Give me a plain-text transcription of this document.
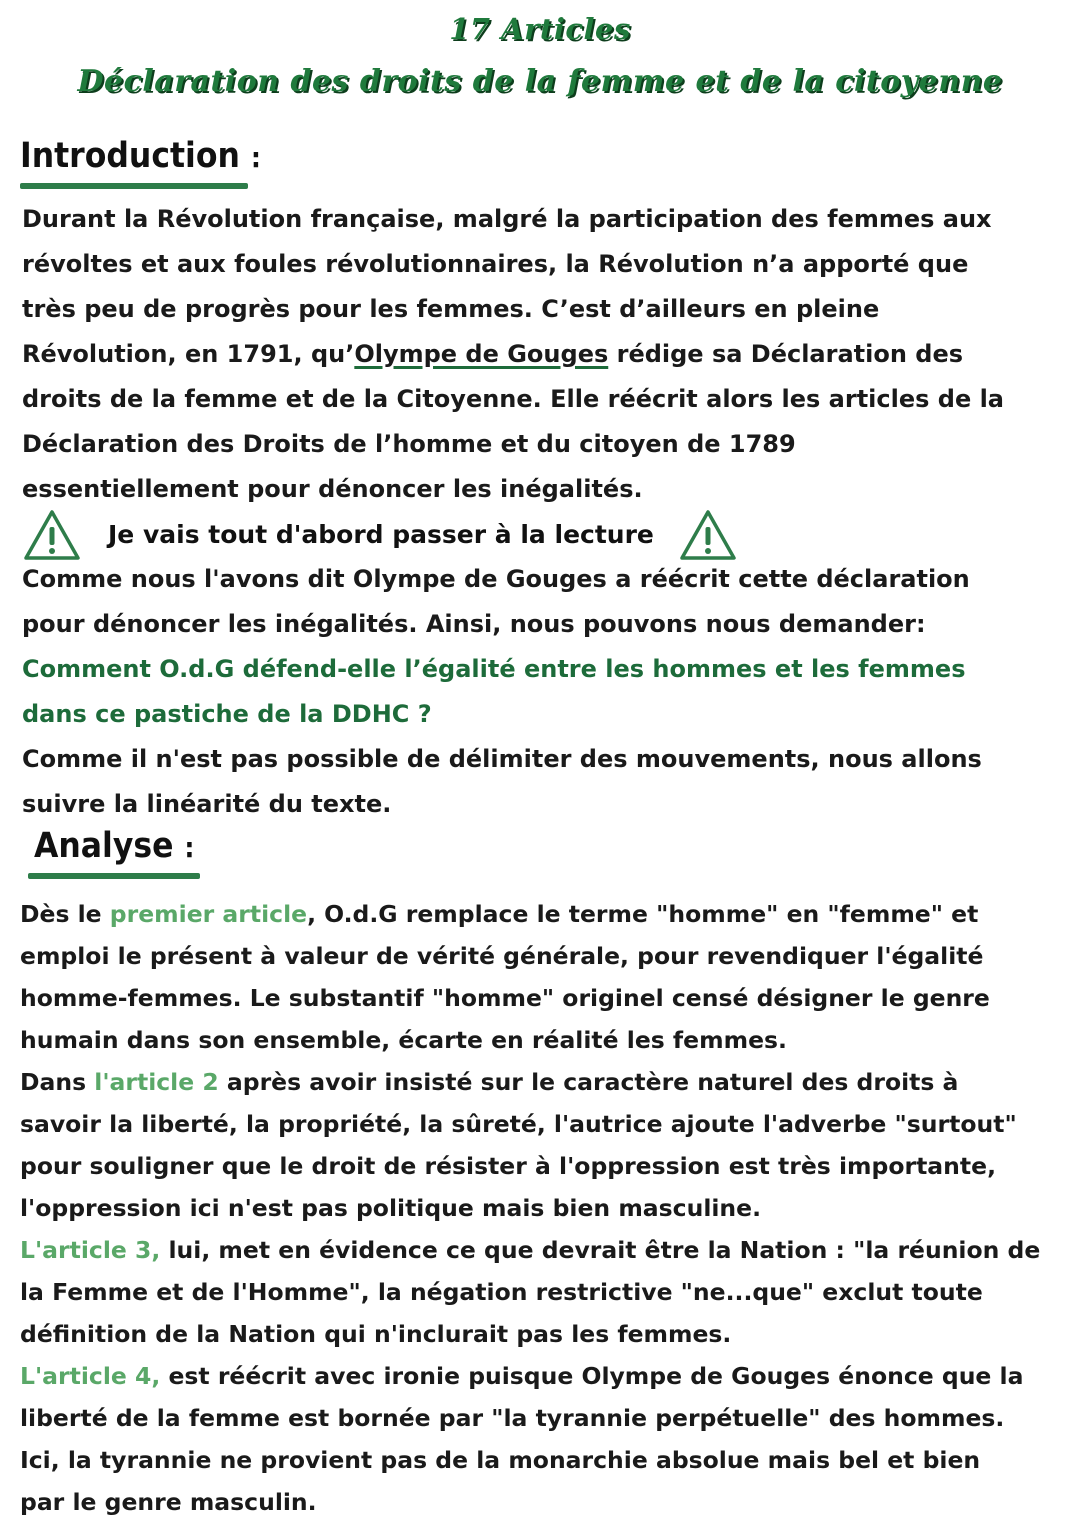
17 Articles
Déclaration des droits de la femme et de la citoyenne
Introduction :
Durant la Révolution française, malgré la participation des femmes aux
révoltes et aux foules révolutionnaires, la Révolution n’a apporté que
très peu de progrès pour les femmes. C’est d’ailleurs en pleine
Révolution, en 1791, qu’Olympe de Gouges rédige sa Déclaration des
droits de la femme et de la Citoyenne. Elle réécrit alors les articles de la
Déclaration des Droits de l’homme et du citoyen de 1789
essentiellement pour dénoncer les inégalités.
Je vais tout d'abord passer à la lecture
Comme nous l'avons dit Olympe de Gouges a réécrit cette déclaration
pour dénoncer les inégalités. Ainsi, nous pouvons nous demander:
Comment O.d.G défend-elle l’égalité entre les hommes et les femmes
dans ce pastiche de la DDHC ?
Comme il n'est pas possible de délimiter des mouvements, nous allons
suivre la linéarité du texte.
Analyse :
Dès le premier article, O.d.G remplace le terme "homme" en "femme" et
emploi le présent à valeur de vérité générale, pour revendiquer l'égalité
homme-femmes. Le substantif "homme" originel censé désigner le genre
humain dans son ensemble, écarte en réalité les femmes.
Dans l'article 2 après avoir insisté sur le caractère naturel des droits à
savoir la liberté, la propriété, la sûreté, l'autrice ajoute l'adverbe "surtout"
pour souligner que le droit de résister à l'oppression est très importante,
l'oppression ici n'est pas politique mais bien masculine.
L'article 3, lui, met en évidence ce que devrait être la Nation : "la réunion de
la Femme et de l'Homme", la négation restrictive "ne...que" exclut toute
définition de la Nation qui n'inclurait pas les femmes.
L'article 4, est réécrit avec ironie puisque Olympe de Gouges énonce que la
liberté de la femme est bornée par "la tyrannie perpétuelle" des hommes.
Ici, la tyrannie ne provient pas de la monarchie absolue mais bel et bien
par le genre masculin.
